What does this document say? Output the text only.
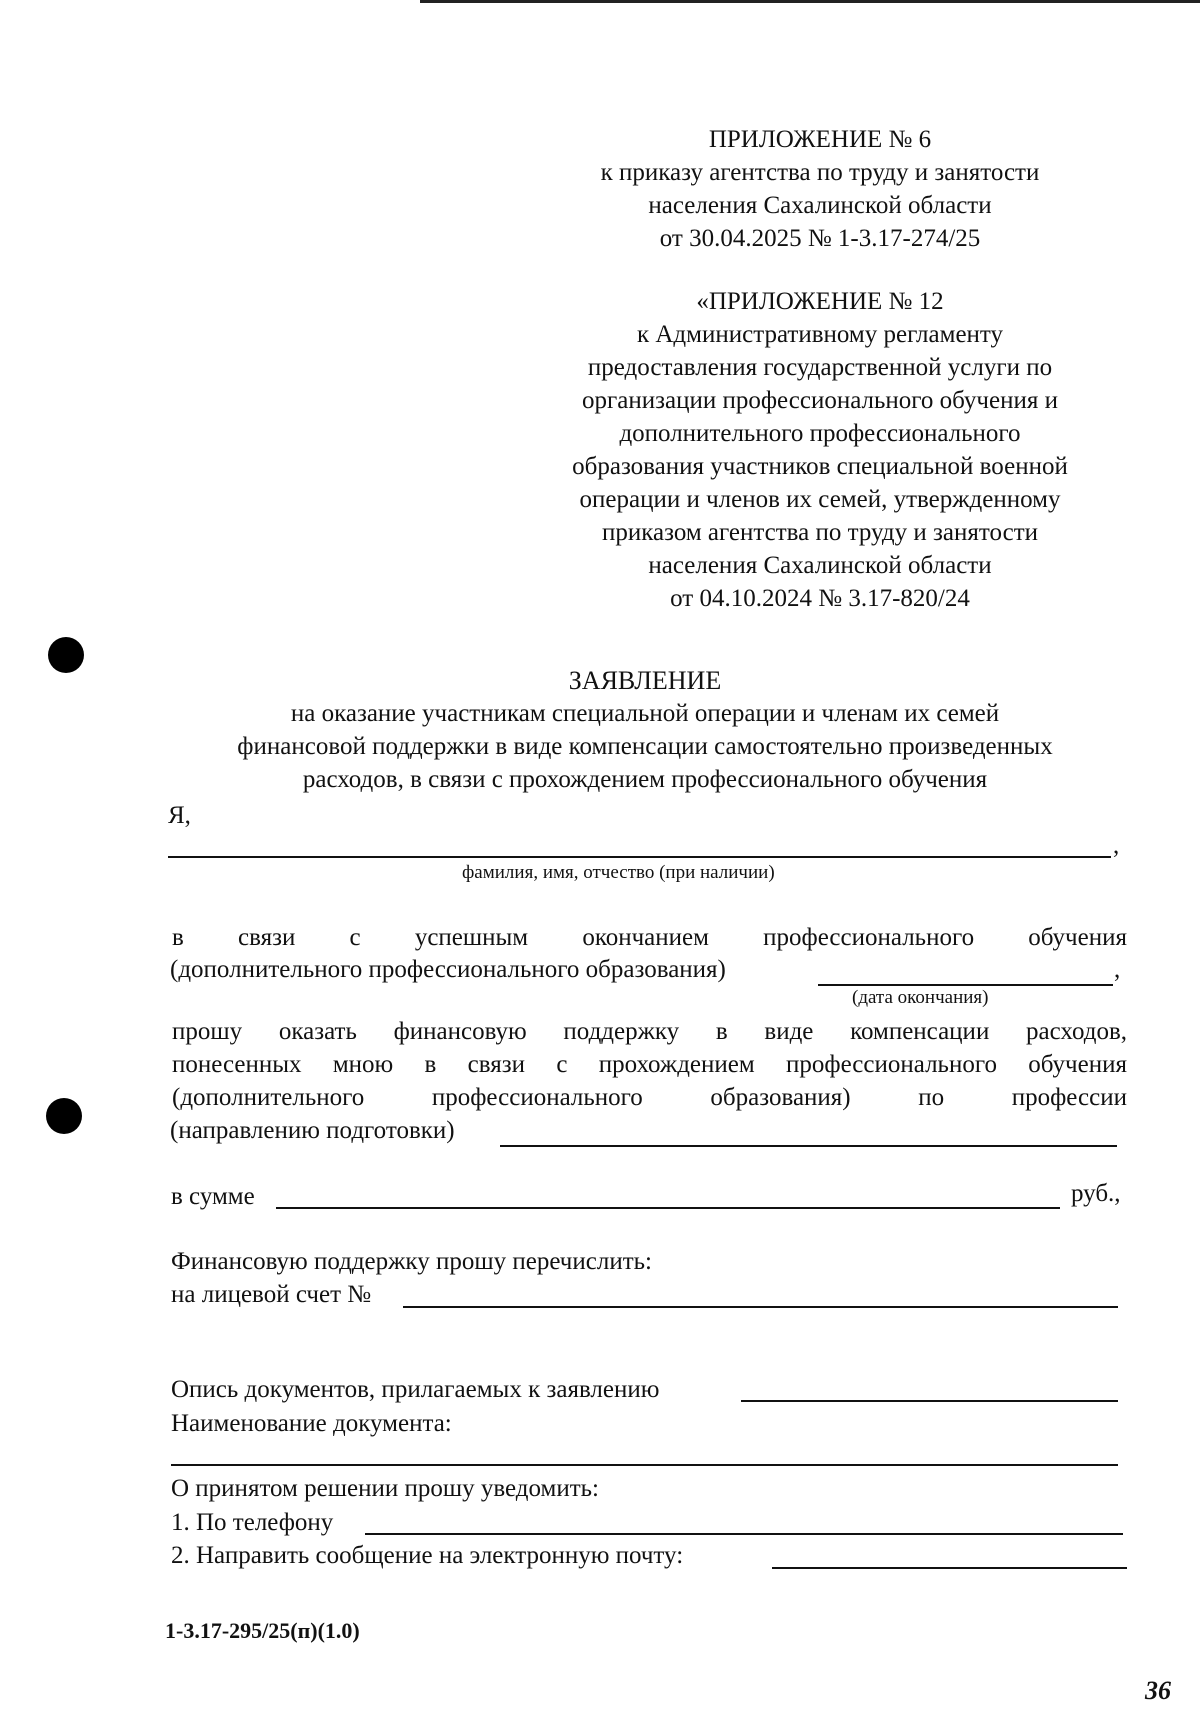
ПРИЛОЖЕНИЕ № 6
к приказу агентства по труду и занятости
населения Сахалинской области
от 30.04.2025 № 1-3.17-274/25
«ПРИЛОЖЕНИЕ № 12
к Административному регламенту
предоставления государственной услуги по
организации профессионального обучения и
дополнительного профессионального
образования участников специальной военной
операции и членов их семей, утвержденному
приказом агентства по труду и занятости
населения Сахалинской области
от 04.10.2024 № 3.17-820/24
ЗАЯВЛЕНИЕ
на оказание участникам специальной операции и членам их семей
финансовой поддержки в виде компенсации самостоятельно произведенных
расходов, в связи с прохождением профессионального обучения
Я,
,
фамилия, имя, отчество (при наличии)
в связи с успешным окончанием профессионального обучения
(дополнительного профессионального образования)	,
(дата окончания)
прошу оказать финансовую поддержку в виде компенсации расходов,
понесенных мною в связи с прохождением профессионального обучения
(дополнительного	профессионального	образования)	по	профессии
(направлению подготовки)
в сумме	руб.,
Финансовую поддержку прошу перечислить:
на лицевой счет №
Опись документов, прилагаемых к заявлению
Наименование документа:
О принятом решении прошу уведомить:
1. По телефону
2. Направить сообщение на электронную почту:
1-3.17-295/25(п)(1.0)
36
